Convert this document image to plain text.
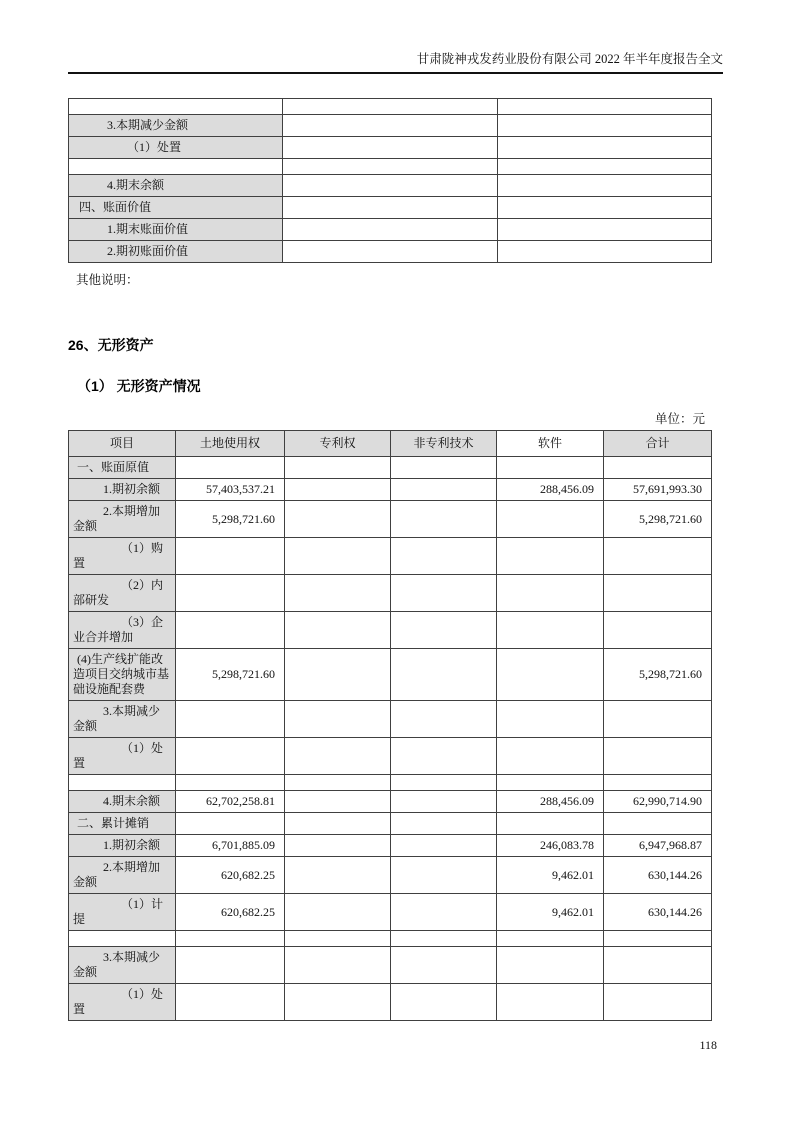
甘肃陇神戎发药业股份有限公司 2022 年半年度报告全文

3.本期减少金额		
（1）处置		

4.期末余额		
四、账面价值		
1.期末账面价值		
2.期初账面价值		
其他说明：
26、无形资产
（1） 无形资产情况
单位：元
项目	土地使用权	专利权	非专利技术	软件	合计
一、账面原值					
1.期初余额	57,403,537.21			288,456.09	57,691,993.30
2.本期增加金额	5,298,721.60				5,298,721.60
（1）购置					
（2）内部研发					
（3）企业合并增加					
(4)生产线扩能改造项目交纳城市基础设施配套费	5,298,721.60				5,298,721.60
3.本期减少金额					
（1）处置					

4.期末余额	62,702,258.81			288,456.09	62,990,714.90
二、累计摊销					
1.期初余额	6,701,885.09			246,083.78	6,947,968.87
2.本期增加金额	620,682.25			9,462.01	630,144.26
（1）计提	620,682.25			9,462.01	630,144.26

3.本期减少金额					
（1）处置					
118
